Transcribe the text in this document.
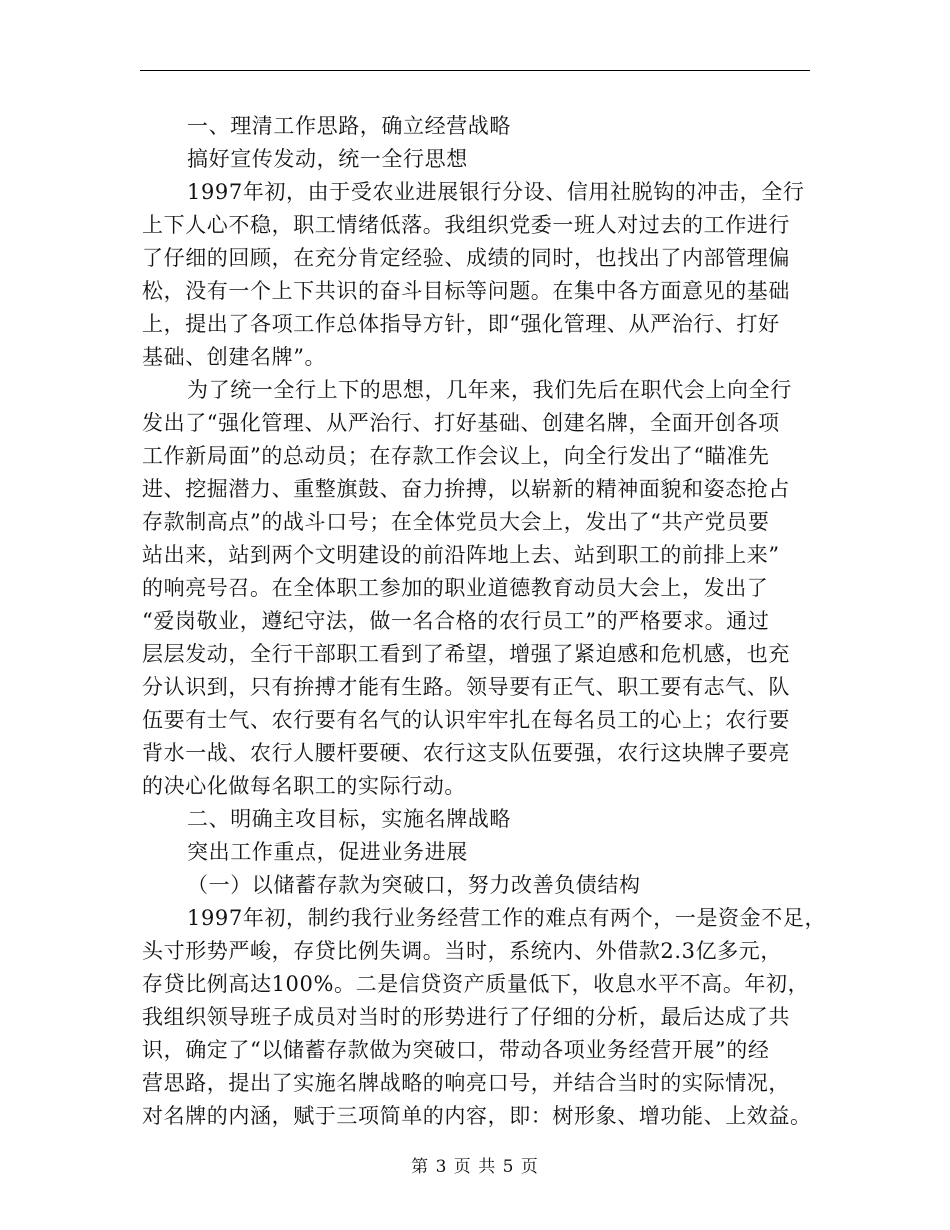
一、理清工作思路，确立经营战略
搞好宣传发动，统一全行思想
1997年初，由于受农业进展银行分设、信用社脱钩的冲击，全行
上下人心不稳，职工情绪低落。我组织党委一班人对过去的工作进行
了仔细的回顾，在充分肯定经验、成绩的同时，也找出了内部管理偏
松，没有一个上下共识的奋斗目标等问题。在集中各方面意见的基础
上，提出了各项工作总体指导方针，即“强化管理、从严治行、打好
基础、创建名牌”。
为了统一全行上下的思想，几年来，我们先后在职代会上向全行
发出了“强化管理、从严治行、打好基础、创建名牌，全面开创各项
工作新局面”的总动员；在存款工作会议上，向全行发出了“瞄准先
进、挖掘潜力、重整旗鼓、奋力拚搏，以崭新的精神面貌和姿态抢占
存款制高点”的战斗口号；在全体党员大会上，发出了“共产党员要
站出来，站到两个文明建设的前沿阵地上去、站到职工的前排上来”
的响亮号召。在全体职工参加的职业道德教育动员大会上，发出了
“爱岗敬业，遵纪守法，做一名合格的农行员工”的严格要求。通过
层层发动，全行干部职工看到了希望，增强了紧迫感和危机感，也充
分认识到，只有拚搏才能有生路。领导要有正气、职工要有志气、队
伍要有士气、农行要有名气的认识牢牢扎在每名员工的心上；农行要
背水一战、农行人腰杆要硬、农行这支队伍要强，农行这块牌子要亮
的决心化做每名职工的实际行动。
二、明确主攻目标，实施名牌战略
突出工作重点，促进业务进展
（一）以储蓄存款为突破口，努力改善负债结构
1997年初，制约我行业务经营工作的难点有两个，一是资金不足，
头寸形势严峻，存贷比例失调。当时，系统内、外借款2.3亿多元，
存贷比例高达100%。二是信贷资产质量低下，收息水平不高。年初，
我组织领导班子成员对当时的形势进行了仔细的分析，最后达成了共
识，确定了“以储蓄存款做为突破口，带动各项业务经营开展”的经
营思路，提出了实施名牌战略的响亮口号，并结合当时的实际情况，
对名牌的内涵，赋于三项简单的内容，即：树形象、增功能、上效益。
第 3 页 共 5 页
